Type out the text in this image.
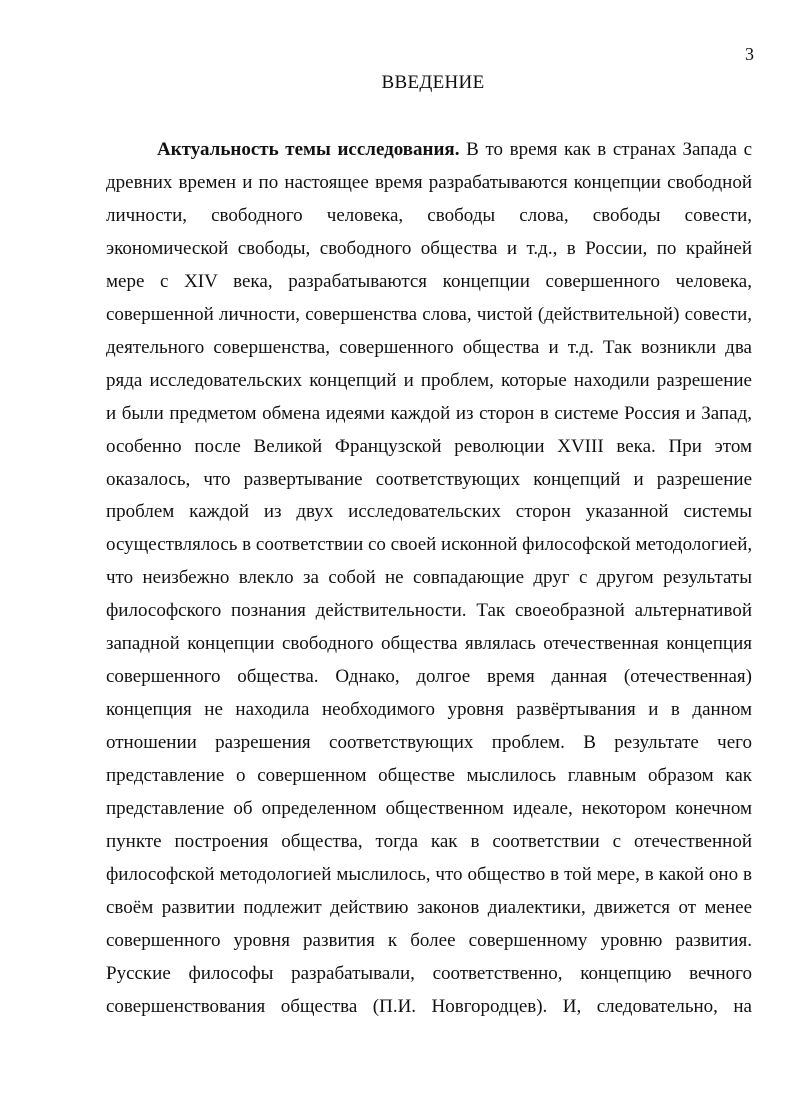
3
ВВЕДЕНИЕ
Актуальность темы исследования. В то время как в странах Запада с
древних времен и по настоящее время разрабатываются концепции свободной
личности, свободного человека, свободы слова, свободы совести,
экономической свободы, свободного общества и т.д., в России, по крайней
мере с XIV века, разрабатываются концепции совершенного человека,
совершенной личности, совершенства слова, чистой (действительной) совести,
деятельного совершенства, совершенного общества и т.д. Так возникли два
ряда исследовательских концепций и проблем, которые находили разрешение
и были предметом обмена идеями каждой из сторон в системе Россия и Запад,
особенно после Великой Французской революции XVIII века. При этом
оказалось, что развертывание соответствующих концепций и разрешение
проблем каждой из двух исследовательских сторон указанной системы
осуществлялось в соответствии со своей исконной философской методологией,
что неизбежно влекло за собой не совпадающие друг с другом результаты
философского познания действительности. Так своеобразной альтернативой
западной концепции свободного общества являлась отечественная концепция
совершенного общества. Однако, долгое время данная (отечественная)
концепция не находила необходимого уровня развёртывания и в данном
отношении разрешения соответствующих проблем. В результате чего
представление о совершенном обществе мыслилось главным образом как
представление об определенном общественном идеале, некотором конечном
пункте построения общества, тогда как в соответствии с отечественной
философской методологией мыслилось, что общество в той мере, в какой оно в
своём развитии подлежит действию законов диалектики, движется от менее
совершенного уровня развития к более совершенному уровню развития.
Русские философы разрабатывали, соответственно, концепцию вечного
совершенствования общества (П.И. Новгородцев). И, следовательно, на
